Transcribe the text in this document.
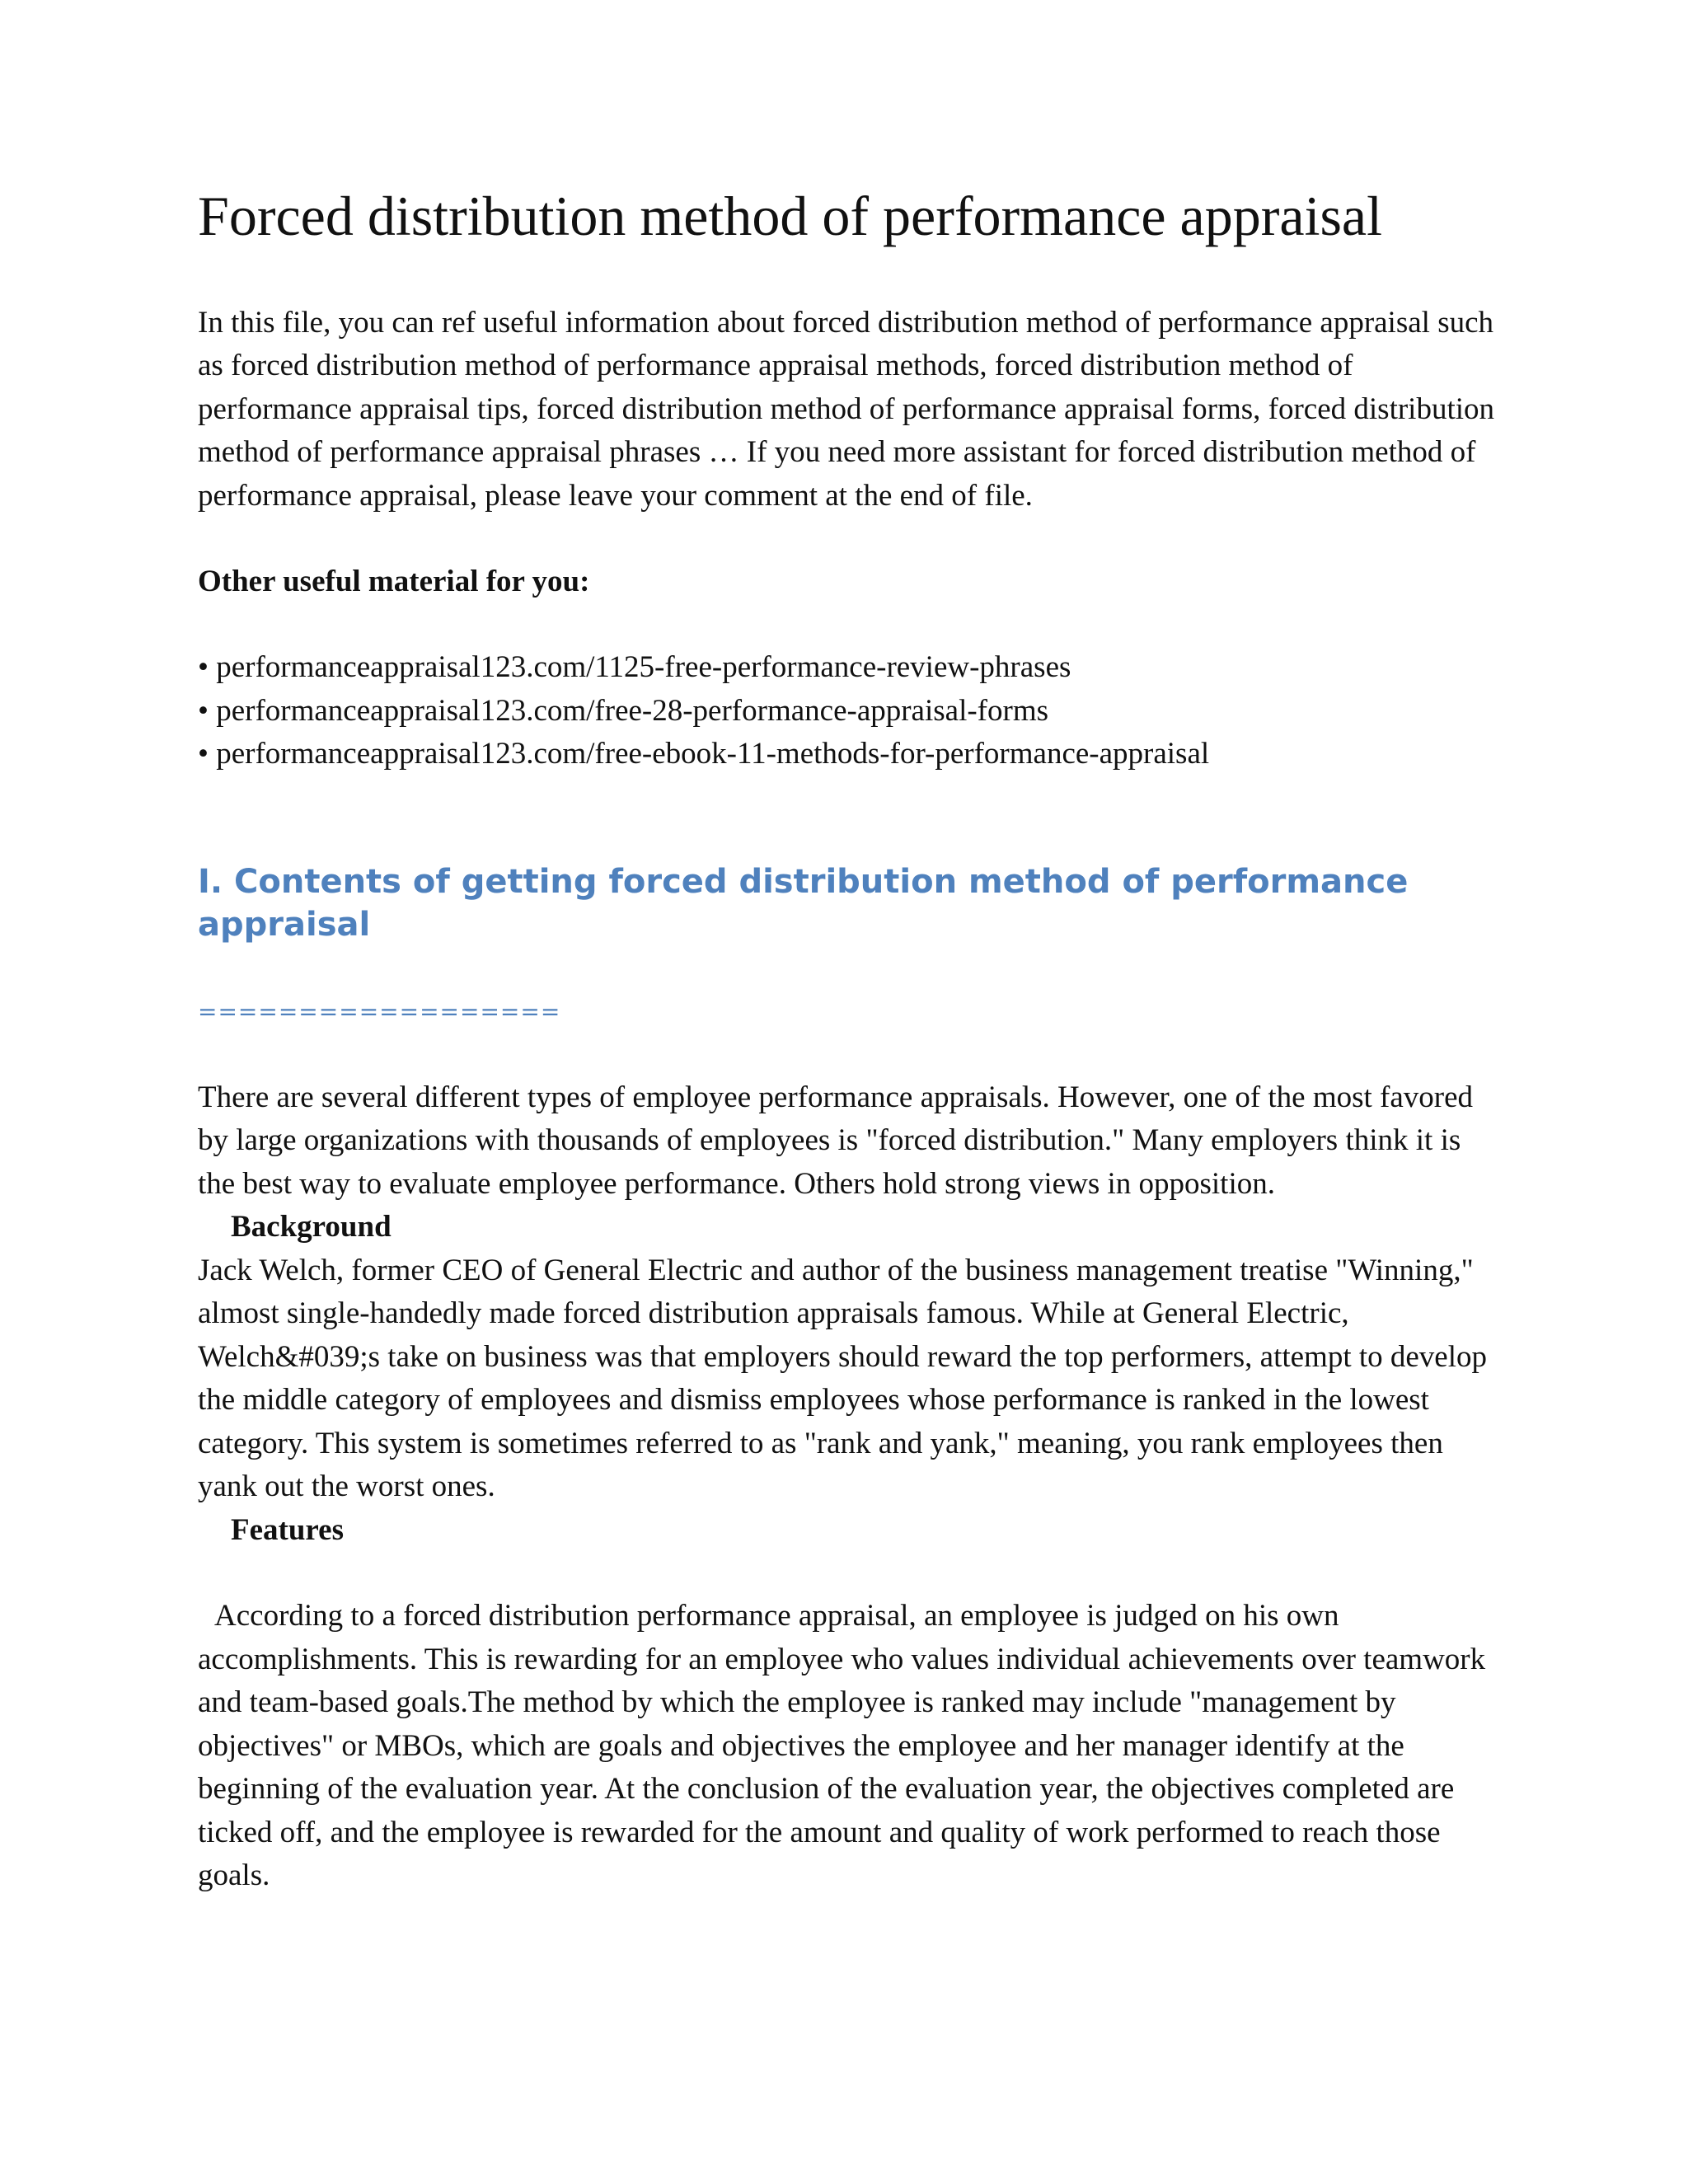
Forced distribution method of performance appraisal

In this file, you can ref useful information about forced distribution method of performance appraisal such as forced distribution method of performance appraisal methods, forced distribution method of performance appraisal tips, forced distribution method of performance appraisal forms, forced distribution method of performance appraisal phrases … If you need more assistant for forced distribution method of performance appraisal, please leave your comment at the end of file.

Other useful material for you:

• performanceappraisal123.com/1125-free-performance-review-phrases
• performanceappraisal123.com/free-28-performance-appraisal-forms
• performanceappraisal123.com/free-ebook-11-methods-for-performance-appraisal
I. Contents of getting forced distribution method of performance appraisal
==================

There are several different types of employee performance appraisals. However, one of the most favored by large organizations with thousands of employees is "forced distribution." Many employers think it is the best way to evaluate employee performance. Others hold strong views in opposition.

Background

Jack Welch, former CEO of General Electric and author of the business management treatise "Winning," almost single-handedly made forced distribution appraisals famous. While at General Electric, Welch&#039;s take on business was that employers should reward the top performers, attempt to develop the middle category of employees and dismiss employees whose performance is ranked in the lowest category. This system is sometimes referred to as "rank and yank," meaning, you rank employees then yank out the worst ones.

Features

According to a forced distribution performance appraisal, an employee is judged on his own accomplishments. This is rewarding for an employee who values individual achievements over teamwork and team-based goals.The method by which the employee is ranked may include "management by objectives" or MBOs, which are goals and objectives the employee and her manager identify at the beginning of the evaluation year. At the conclusion of the evaluation year, the objectives completed are ticked off, and the employee is rewarded for the amount and quality of work performed to reach those goals.
